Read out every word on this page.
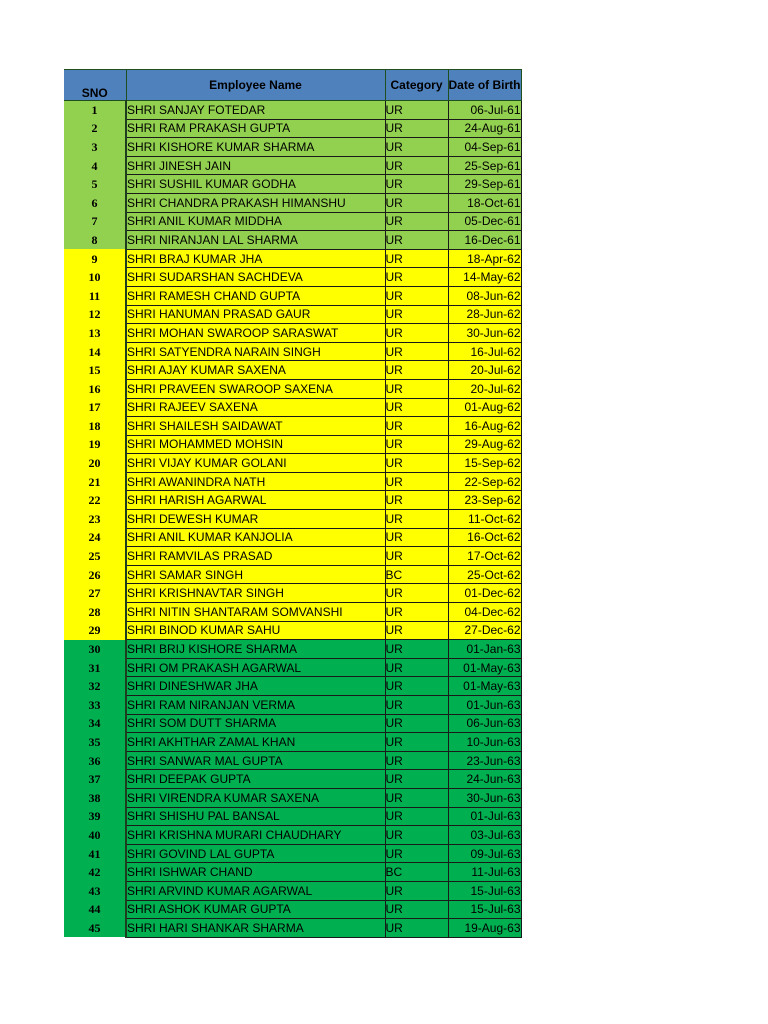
SNO	Employee Name	Category	Date of Birth
1	SHRI SANJAY FOTEDAR	UR	06-Jul-61
2	SHRI RAM PRAKASH GUPTA	UR	24-Aug-61
3	SHRI KISHORE KUMAR SHARMA	UR	04-Sep-61
4	SHRI JINESH JAIN	UR	25-Sep-61
5	SHRI SUSHIL KUMAR GODHA	UR	29-Sep-61
6	SHRI CHANDRA PRAKASH HIMANSHU	UR	18-Oct-61
7	SHRI ANIL KUMAR MIDDHA	UR	05-Dec-61
8	SHRI NIRANJAN LAL SHARMA	UR	16-Dec-61
9	SHRI BRAJ KUMAR JHA	UR	18-Apr-62
10	SHRI SUDARSHAN SACHDEVA	UR	14-May-62
11	SHRI RAMESH CHAND GUPTA	UR	08-Jun-62
12	SHRI HANUMAN PRASAD GAUR	UR	28-Jun-62
13	SHRI MOHAN SWAROOP SARASWAT	UR	30-Jun-62
14	SHRI SATYENDRA NARAIN SINGH	UR	16-Jul-62
15	SHRI AJAY KUMAR SAXENA	UR	20-Jul-62
16	SHRI PRAVEEN SWAROOP SAXENA	UR	20-Jul-62
17	SHRI RAJEEV SAXENA	UR	01-Aug-62
18	SHRI SHAILESH SAIDAWAT	UR	16-Aug-62
19	SHRI MOHAMMED MOHSIN	UR	29-Aug-62
20	SHRI VIJAY KUMAR GOLANI	UR	15-Sep-62
21	SHRI AWANINDRA NATH	UR	22-Sep-62
22	SHRI HARISH AGARWAL	UR	23-Sep-62
23	SHRI DEWESH KUMAR	UR	11-Oct-62
24	SHRI ANIL KUMAR KANJOLIA	UR	16-Oct-62
25	SHRI RAMVILAS PRASAD	UR	17-Oct-62
26	SHRI SAMAR SINGH	BC	25-Oct-62
27	SHRI KRISHNAVTAR SINGH	UR	01-Dec-62
28	SHRI NITIN SHANTARAM SOMVANSHI	UR	04-Dec-62
29	SHRI BINOD KUMAR SAHU	UR	27-Dec-62
30	SHRI BRIJ KISHORE SHARMA	UR	01-Jan-63
31	SHRI OM PRAKASH AGARWAL	UR	01-May-63
32	SHRI DINESHWAR JHA	UR	01-May-63
33	SHRI RAM NIRANJAN VERMA	UR	01-Jun-63
34	SHRI SOM DUTT SHARMA	UR	06-Jun-63
35	SHRI AKHTHAR ZAMAL KHAN	UR	10-Jun-63
36	SHRI SANWAR MAL GUPTA	UR	23-Jun-63
37	SHRI DEEPAK GUPTA	UR	24-Jun-63
38	SHRI VIRENDRA KUMAR SAXENA	UR	30-Jun-63
39	SHRI SHISHU PAL BANSAL	UR	01-Jul-63
40	SHRI KRISHNA MURARI CHAUDHARY	UR	03-Jul-63
41	SHRI GOVIND LAL GUPTA	UR	09-Jul-63
42	SHRI ISHWAR CHAND	BC	11-Jul-63
43	SHRI ARVIND KUMAR AGARWAL	UR	15-Jul-63
44	SHRI ASHOK KUMAR GUPTA	UR	15-Jul-63
45	SHRI HARI SHANKAR SHARMA	UR	19-Aug-63
